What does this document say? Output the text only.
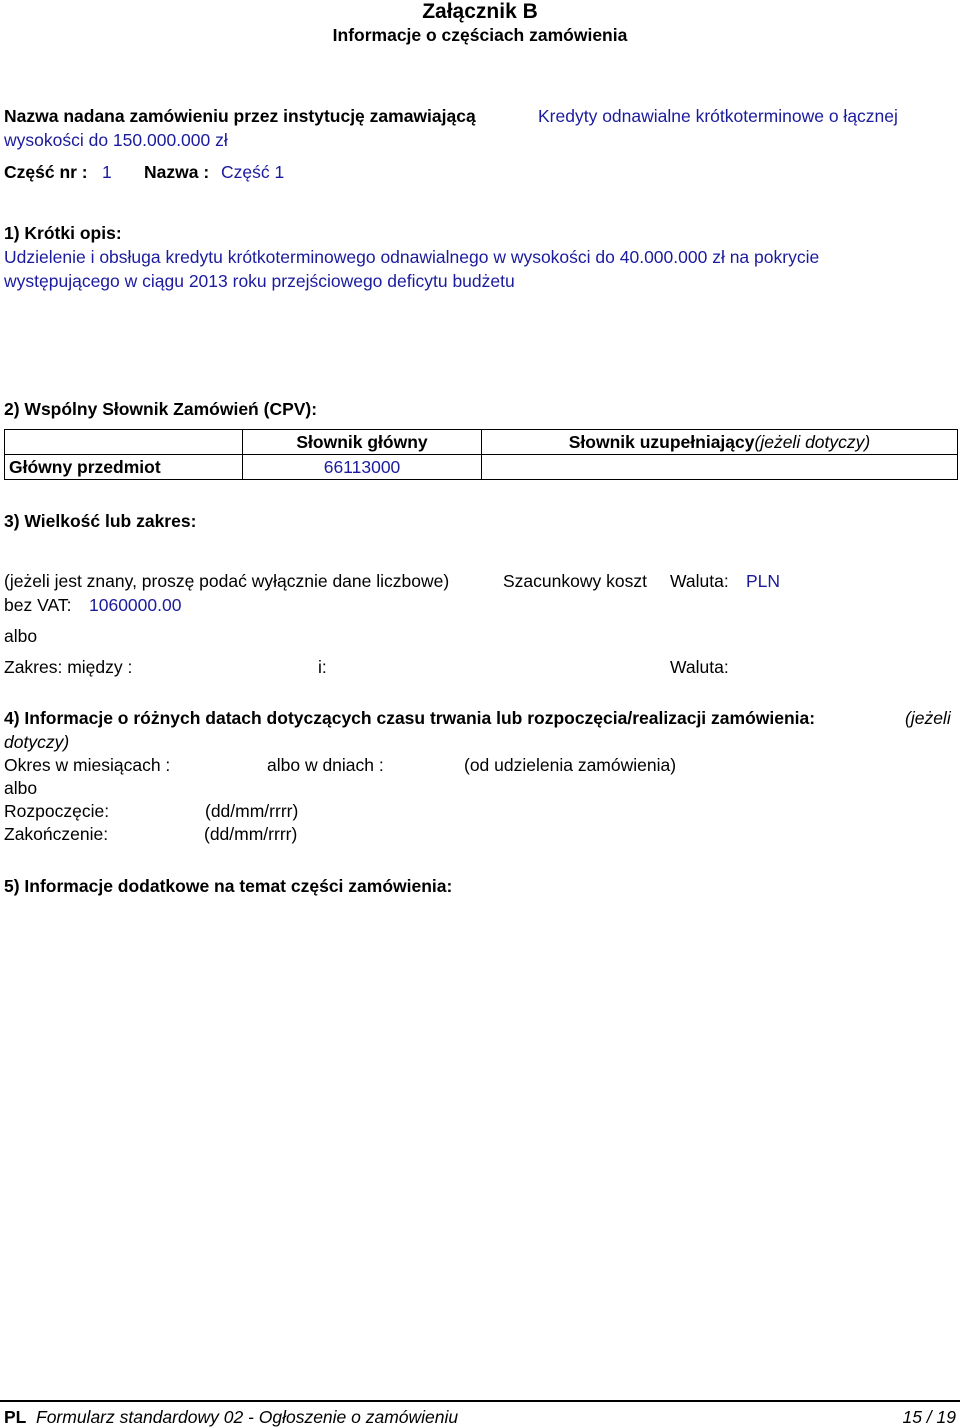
Załącznik B
Informacje o częściach zamówienia
Nazwa nadana zamówieniu przez instytucję zamawiającą	Kredyty odnawialne krótkoterminowe o łącznej
wysokości do 150.000.000 zł
Część nr : 1 Nazwa : Część 1
1) Krótki opis:
Udzielenie i obsługa kredytu krótkoterminowego odnawialnego w wysokości do 40.000.000 zł na pokrycie
występującego w ciągu 2013 roku przejściowego deficytu budżetu
2) Wspólny Słownik Zamówień (CPV):
	Słownik główny	Słownik uzupełniający(jeżeli dotyczy)
Główny przedmiot	66113000	
3) Wielkość lub zakres:
(jeżeli jest znany, proszę podać wyłącznie dane liczbowe)	Szacunkowy koszt Waluta: PLN
bez VAT: 1060000.00
albo
Zakres: między :	i:	Waluta:
4) Informacje o różnych datach dotyczących czasu trwania lub rozpoczęcia/realizacji zamówienia:	(jeżeli
dotyczy)
Okres w miesiącach :	albo w dniach :	(od udzielenia zamówienia)
albo
Rozpoczęcie:	(dd/mm/rrrr)
Zakończenie:	(dd/mm/rrrr)
5) Informacje dodatkowe na temat części zamówienia:
PL Formularz standardowy 02 - Ogłoszenie o zamówieniu	15 / 19
